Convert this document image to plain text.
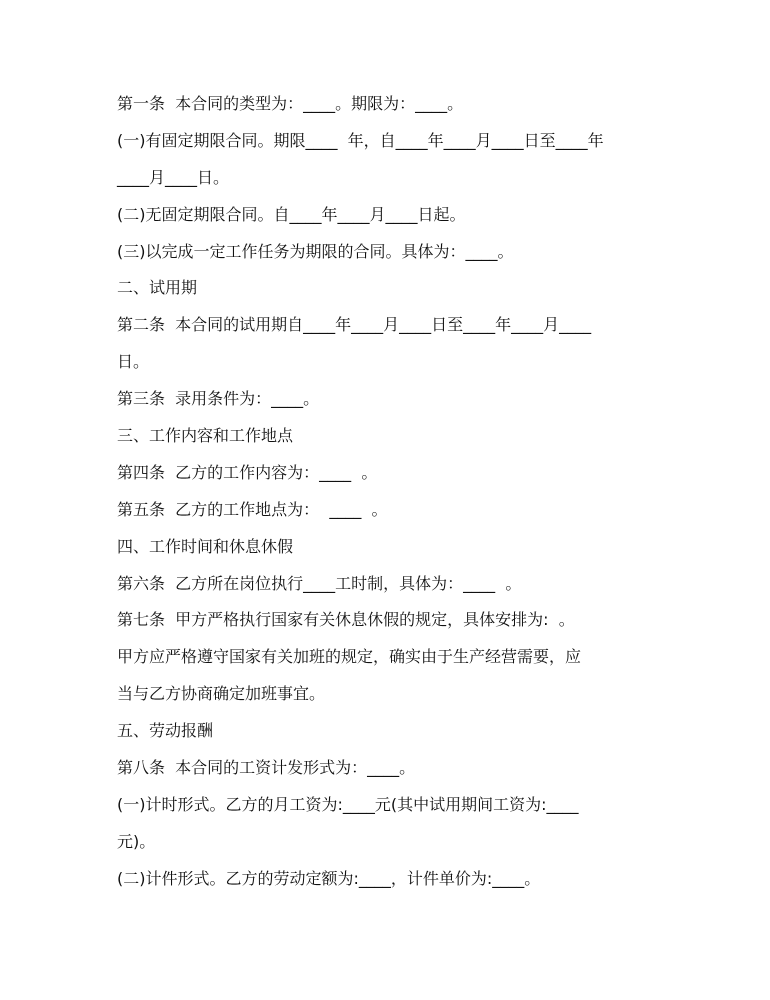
第一条  本合同的类型为：____。期限为：____。
(一)有固定期限合同。期限____  年，自____年____月____日至____年
____月____日。
(二)无固定期限合同。自____年____月____日起。
(三)以完成一定工作任务为期限的合同。具体为：____。
二、试用期
第二条  本合同的试用期自____年____月____日至____年____月____
日。
第三条  录用条件为：____。
三、工作内容和工作地点
第四条  乙方的工作内容为：____  。
第五条  乙方的工作地点为：  ____  。
四、工作时间和休息休假
第六条  乙方所在岗位执行____工时制，具体为：____  。
第七条  甲方严格执行国家有关休息休假的规定，具体安排为:  。
甲方应严格遵守国家有关加班的规定，确实由于生产经营需要，应
当与乙方协商确定加班事宜。
五、劳动报酬
第八条  本合同的工资计发形式为：____。
(一)计时形式。乙方的月工资为:____元(其中试用期间工资为:____
元)。
(二)计件形式。乙方的劳动定额为:____，计件单价为:____。
